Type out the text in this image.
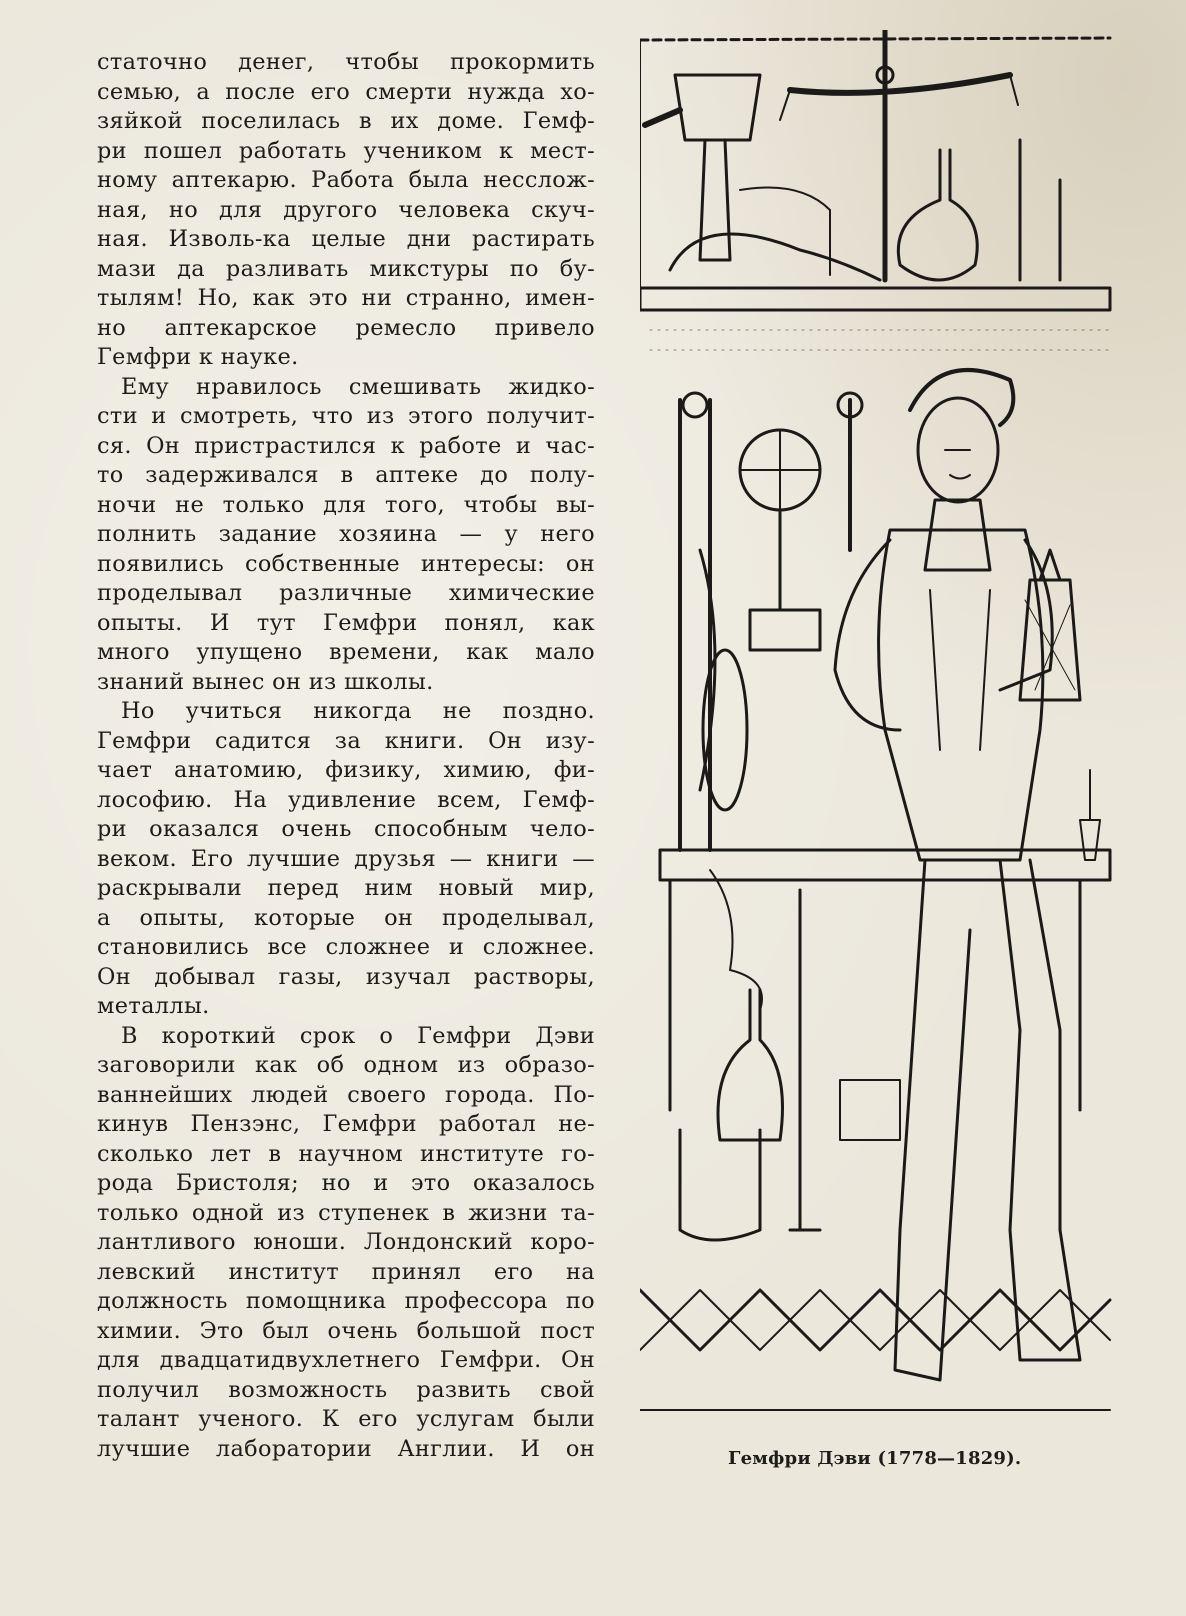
статочно денег, чтобы прокормить
семью, а после его смерти нужда хо-
зяйкой поселилась в их доме. Гемф-
ри пошел работать учеником к мест-
ному аптекарю. Работа была несслож-
ная, но для другого человека скуч-
ная. Изволь-ка целые дни растирать
мази да разливать микстуры по бу-
тылям! Но, как это ни странно, имен-
но аптекарское ремесло привело
Гемфри к науке.
Ему нравилось смешивать жидко-
сти и смотреть, что из этого получит-
ся. Он пристрастился к работе и час-
то задерживался в аптеке до полу-
ночи не только для того, чтобы вы-
полнить задание хозяина — у него
появились собственные интересы: он
проделывал различные химические
опыты. И тут Гемфри понял, как
много упущено времени, как мало
знаний вынес он из школы.
Но учиться никогда не поздно.
Гемфри садится за книги. Он изу-
чает анатомию, физику, химию, фи-
лософию. На удивление всем, Гемф-
ри оказался очень способным чело-
веком. Его лучшие друзья — книги —
раскрывали перед ним новый мир,
а опыты, которые он проделывал,
становились все сложнее и сложнее.
Он добывал газы, изучал растворы,
металлы.
В короткий срок о Гемфри Дэви
заговорили как об одном из образо-
ваннейших людей своего города. По-
кинув Пензэнс, Гемфри работал не-
сколько лет в научном институте го-
рода Бристоля; но и это оказалось
только одной из ступенек в жизни та-
лантливого юноши. Лондонский коро-
левский институт принял его на
должность помощника профессора по
химии. Это был очень большой пост
для двадцатидвухлетнего Гемфри. Он
получил возможность развить свой
талант ученого. К его услугам были
лучшие лаборатории Англии. И он	Гемфри Дэви (1778—1829).
